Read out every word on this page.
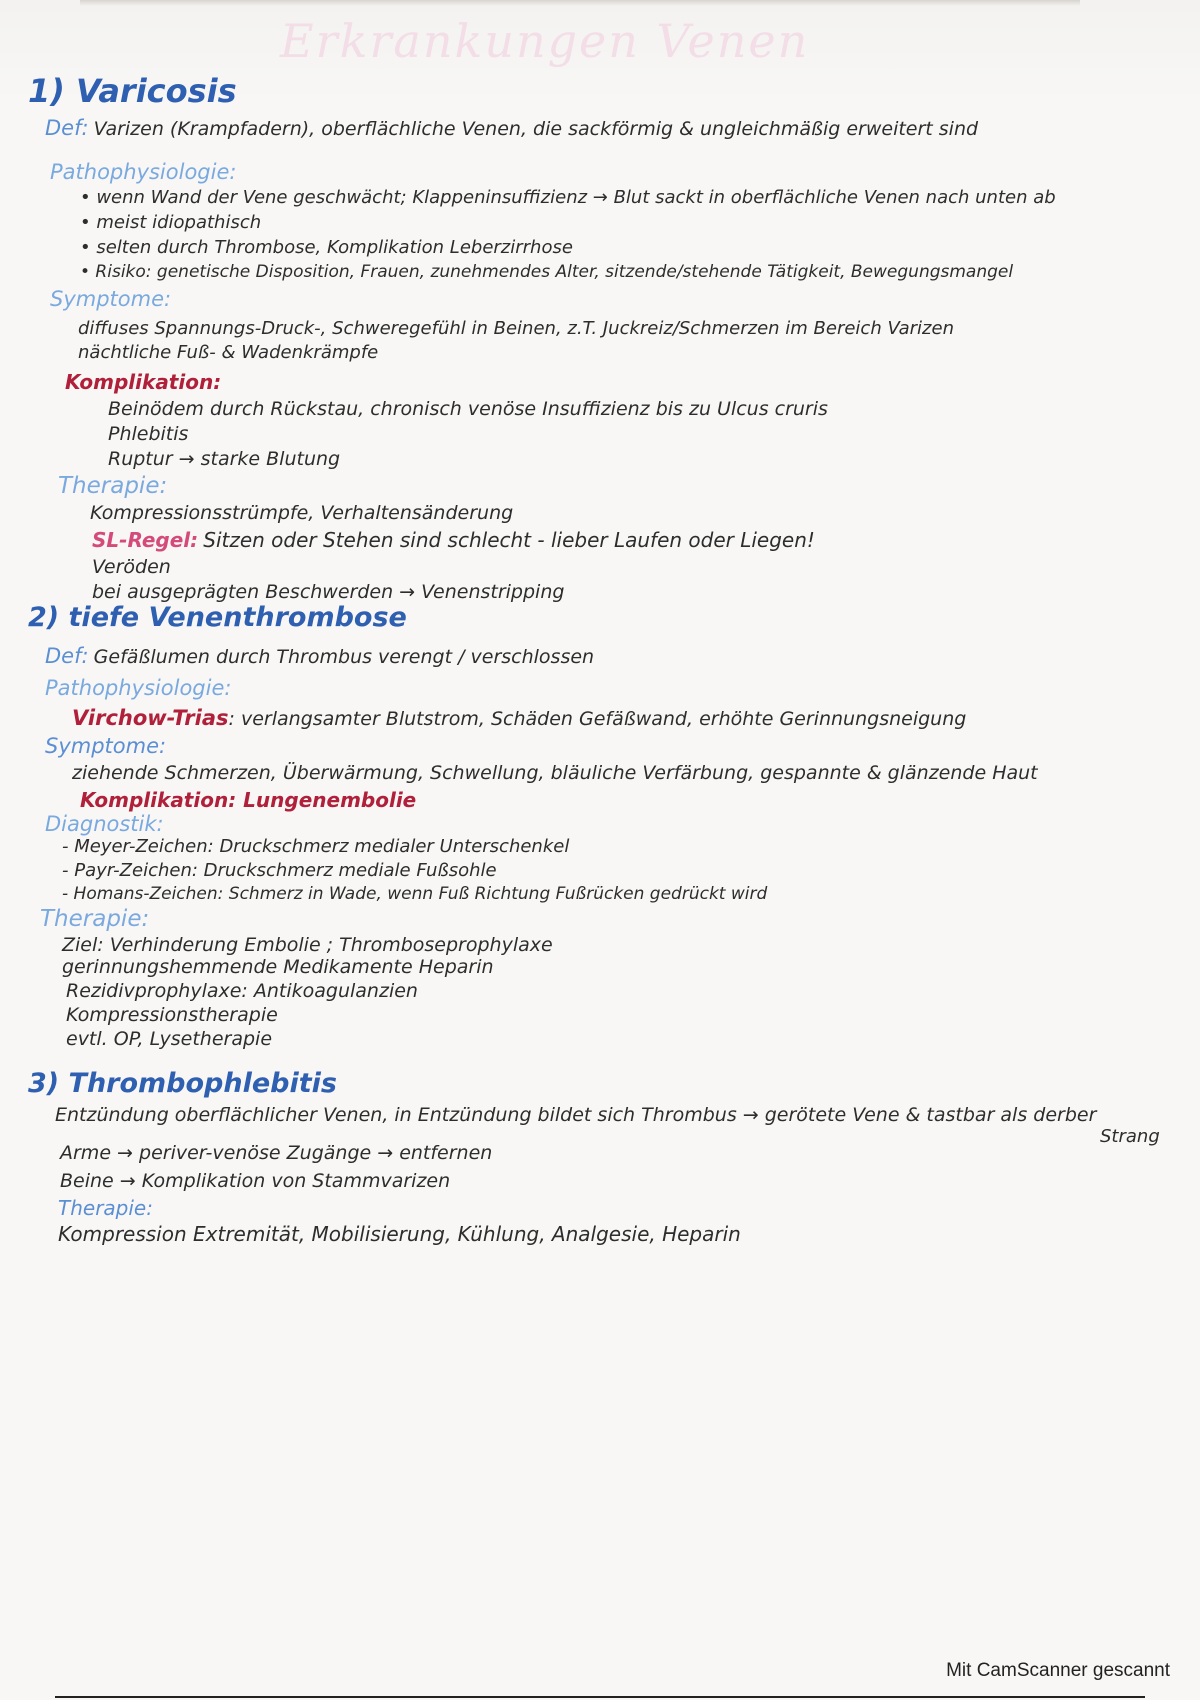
Erkrankungen Venen
1) Varicosis
Def: Varizen (Krampfadern), oberflächliche Venen, die sackförmig & ungleichmäßig erweitert sind
Pathophysiologie:
• wenn Wand der Vene geschwächt; Klappeninsuffizienz → Blut sackt in oberflächliche Venen nach unten ab
• meist idiopathisch
• selten durch Thrombose, Komplikation Leberzirrhose
• Risiko: genetische Disposition, Frauen, zunehmendes Alter, sitzende/stehende Tätigkeit, Bewegungsmangel
Symptome:
diffuses Spannungs-Druck-, Schweregefühl in Beinen, z.T. Juckreiz/Schmerzen im Bereich Varizen
nächtliche Fuß- & Wadenkrämpfe
Komplikation:
Beinödem durch Rückstau, chronisch venöse Insuffizienz bis zu Ulcus cruris
Phlebitis
Ruptur → starke Blutung
Therapie:
Kompressionsstrümpfe, Verhaltensänderung
SL-Regel: Sitzen oder Stehen sind schlecht - lieber Laufen oder Liegen!
Veröden
bei ausgeprägten Beschwerden → Venenstripping
2) tiefe Venenthrombose
Def: Gefäßlumen durch Thrombus verengt / verschlossen
Pathophysiologie:
Virchow-Trias: verlangsamter Blutstrom, Schäden Gefäßwand, erhöhte Gerinnungsneigung
Symptome:
ziehende Schmerzen, Überwärmung, Schwellung, bläuliche Verfärbung, gespannte & glänzende Haut
Komplikation: Lungenembolie
Diagnostik:
- Meyer-Zeichen: Druckschmerz medialer Unterschenkel
- Payr-Zeichen: Druckschmerz mediale Fußsohle
- Homans-Zeichen: Schmerz in Wade, wenn Fuß Richtung Fußrücken gedrückt wird
Therapie:
Ziel: Verhinderung Embolie ; Thromboseprophylaxe
gerinnungshemmende Medikamente Heparin
Rezidivprophylaxe: Antikoagulanzien
Kompressionstherapie
evtl. OP, Lysetherapie
3) Thrombophlebitis
Entzündung oberflächlicher Venen, in Entzündung bildet sich Thrombus → gerötete Vene & tastbar als derber
Strang
Arme → periver-venöse Zugänge → entfernen
Beine → Komplikation von Stammvarizen
Therapie:
Kompression Extremität, Mobilisierung, Kühlung, Analgesie, Heparin
Mit CamScanner gescannt
